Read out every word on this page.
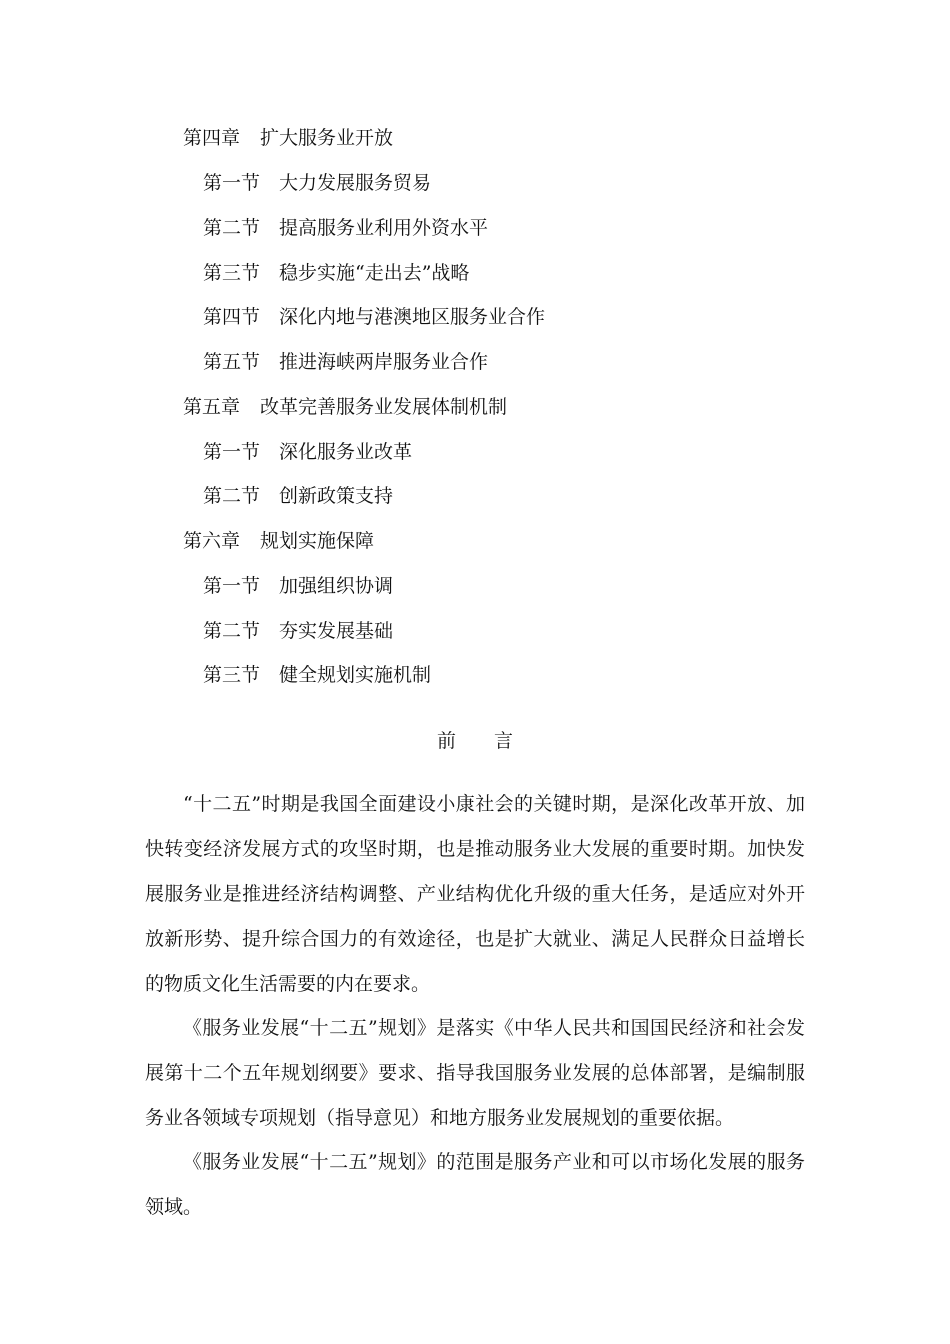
第四章 扩大服务业开放
第一节 大力发展服务贸易
第二节 提高服务业利用外资水平
第三节 稳步实施“走出去”战略
第四节 深化内地与港澳地区服务业合作
第五节 推进海峡两岸服务业合作
第五章 改革完善服务业发展体制机制
第一节 深化服务业改革
第二节 创新政策支持
第六章 规划实施保障
第一节 加强组织协调
第二节 夯实发展基础
第三节 健全规划实施机制
前 言

“十二五”时期是我国全面建设小康社会的关键时期，是深化改革开放、加快转变经济发展方式的攻坚时期，也是推动服务业大发展的重要时期。加快发展服务业是推进经济结构调整、产业结构优化升级的重大任务，是适应对外开放新形势、提升综合国力的有效途径，也是扩大就业、满足人民群众日益增长的物质文化生活需要的内在要求。

《服务业发展“十二五”规划》是落实《中华人民共和国国民经济和社会发展第十二个五年规划纲要》要求、指导我国服务业发展的总体部署，是编制服务业各领域专项规划（指导意见）和地方服务业发展规划的重要依据。

《服务业发展“十二五”规划》的范围是服务产业和可以市场化发展的服务领域。
